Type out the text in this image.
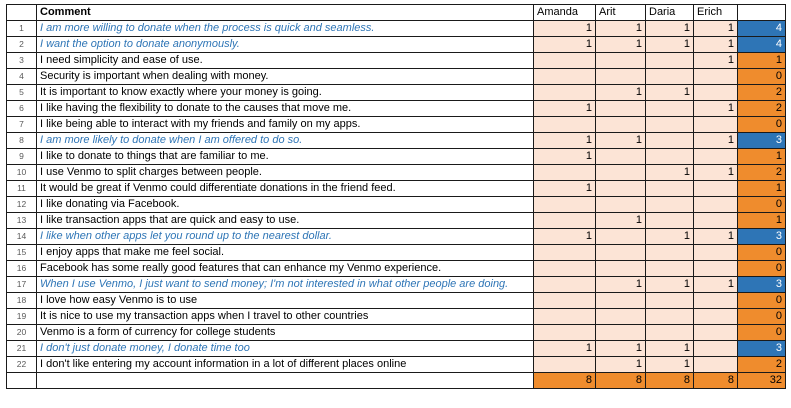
	Comment	Amanda	Arit	Daria	Erich	
1	I am more willing to donate when the process is quick and seamless.	1	1	1	1	4
2	I want the option to donate anonymously.	1	1	1	1	4
3	I need simplicity and ease of use.				1	1
4	Security is important when dealing with money.					0
5	It is important to know exactly where your money is going.		1	1		2
6	I like having the flexibility to donate to the causes that move me.	1			1	2
7	I like being able to interact with my friends and family on my apps.					0
8	I am more likely to donate when I am offered to do so.	1	1		1	3
9	I like to donate to things that are familiar to me.	1				1
10	I use Venmo to split charges between people.			1	1	2
11	It would be great if Venmo could differentiate donations in the friend feed.	1				1
12	I like donating via Facebook.					0
13	I like transaction apps that are quick and easy to use.		1			1
14	I like when other apps let you round up to the nearest dollar.	1		1	1	3
15	I enjoy apps that make me feel social.					0
16	Facebook has some really good features that can enhance my Venmo experience.					0
17	When I use Venmo, I just want to send money; I'm not interested in what other people are doing.		1	1	1	3
18	I love how easy Venmo is to use					0
19	It is nice to use my transaction apps when I travel to other countries					0
20	Venmo is a form of currency for college students					0
21	I don't just donate money, I donate time too	1	1	1		3
22	I don't like entering my account information in a lot of different places online		1	1		2
		8	8	8	8	32
